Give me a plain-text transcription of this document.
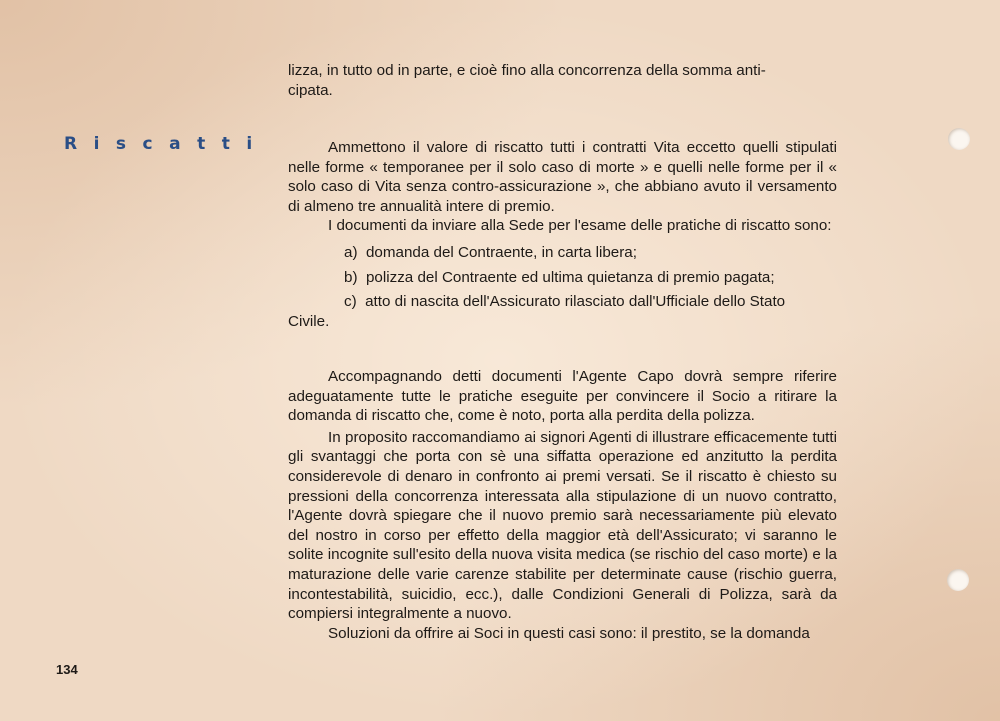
Riscatti

lizza, in tutto od in parte, e cioè fino alla concorrenza della somma anti-

cipata.

Ammettono il valore di riscatto tutti i contratti Vita eccetto quelli stipulati nelle forme « temporanee per il solo caso di morte » e quelli nelle forme per il « solo caso di Vita senza contro-assicurazione », che abbiano avuto il versamento di almeno tre annualità intere di premio.

I documenti da inviare alla Sede per l'esame delle pratiche di riscatto sono:

a) domanda del Contraente, in carta libera;

b) polizza del Contraente ed ultima quietanza di premio pagata;

c) atto di nascita dell'Assicurato rilasciato dall'Ufficiale dello Stato

Civile.

Accompagnando detti documenti l'Agente Capo dovrà sempre riferire adeguatamente tutte le pratiche eseguite per convincere il Socio a ritirare la domanda di riscatto che, come è noto, porta alla perdita della polizza.

In proposito raccomandiamo ai signori Agenti di illustrare efficacemente tutti gli svantaggi che porta con sè una siffatta operazione ed anzitutto la perdita considerevole di denaro in confronto ai premi versati. Se il riscatto è chiesto su pressioni della concorrenza interessata alla stipulazione di un nuovo contratto, l'Agente dovrà spiegare che il nuovo premio sarà necessariamente più elevato del nostro in corso per effetto della maggior età dell'Assicurato; vi saranno le solite incognite sull'esito della nuova visita medica (se rischio del caso morte) e la maturazione delle varie carenze stabilite per determinate cause (rischio guerra, incontestabilità, suicidio, ecc.), dalle Condizioni Generali di Polizza, sarà da compiersi integralmente a nuovo.

Soluzioni da offrire ai Soci in questi casi sono: il prestito, se la domanda

134
